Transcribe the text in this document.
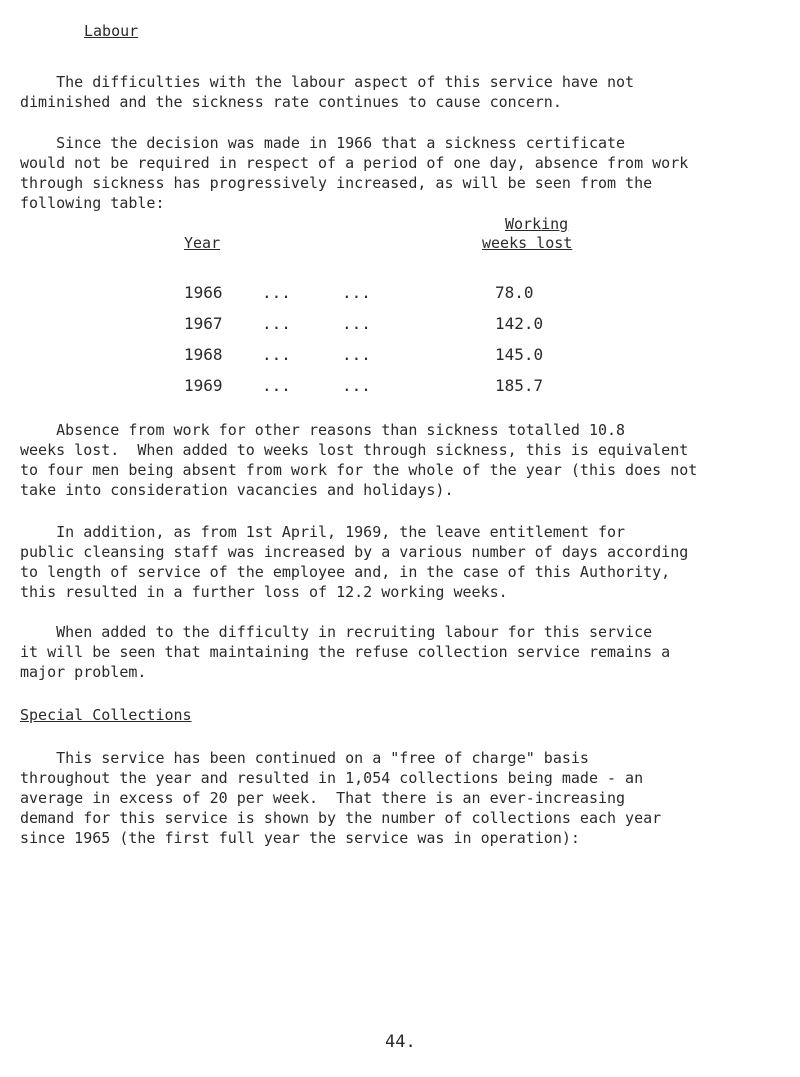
Labour

The difficulties with the labour aspect of this service have not
diminished and the sickness rate continues to cause concern.

Since the decision was made in 1966 that a sickness certificate
would not be required in respect of a period of one day, absence from work
through sickness has progressively increased, as will be seen from the
following table:

Year
Working
weeks lost
1966 ...	...	78.0
1967 ...	...	142.0
1968 ...	...	145.0
1969 ...	...	185.7

Absence from work for other reasons than sickness totalled 10.8
weeks lost.  When added to weeks lost through sickness, this is equivalent
to four men being absent from work for the whole of the year (this does not
take into consideration vacancies and holidays).

In addition, as from 1st April, 1969, the leave entitlement for
public cleansing staff was increased by a various number of days according
to length of service of the employee and, in the case of this Authority,
this resulted in a further loss of 12.2 working weeks.

When added to the difficulty in recruiting labour for this service
it will be seen that maintaining the refuse collection service remains a
major problem.

Special Collections

This service has been continued on a "free of charge" basis
throughout the year and resulted in 1,054 collections being made - an
average in excess of 20 per week.  That there is an ever-increasing
demand for this service is shown by the number of collections each year
since 1965 (the first full year the service was in operation):

44.
